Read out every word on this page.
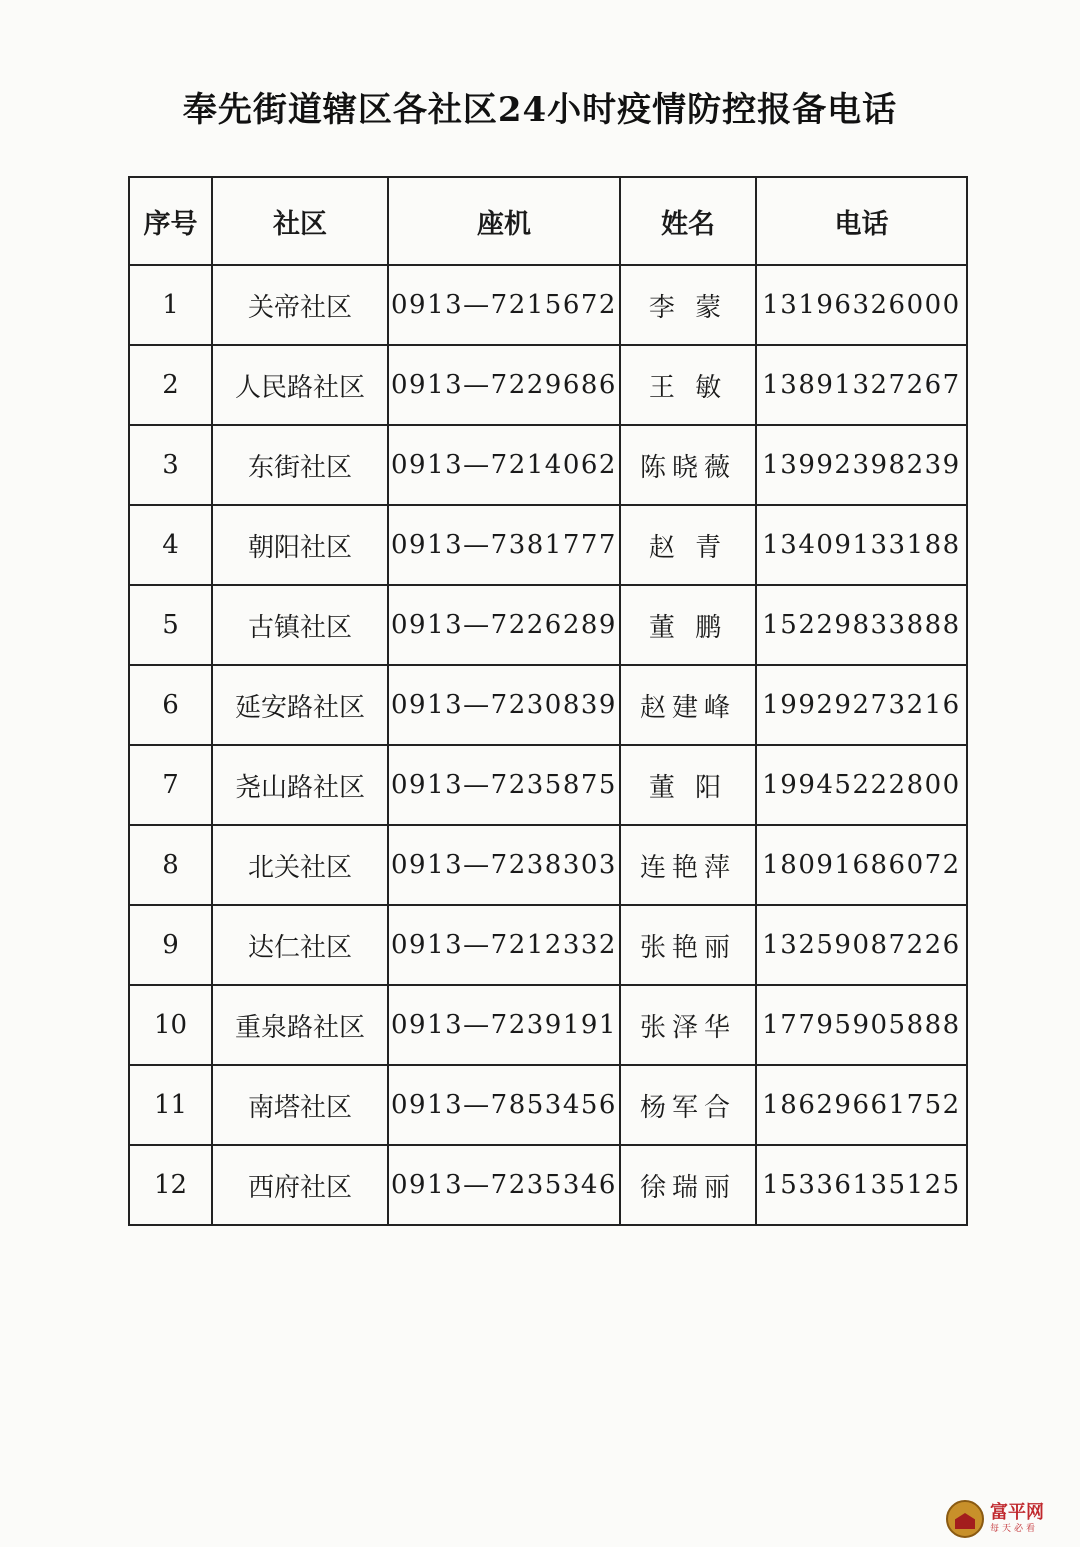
奉先街道辖区各社区24小时疫情防控报备电话
序号	社区	座机	姓名	电话
1	关帝社区	0913—7215672	李 蒙	13196326000
2	人民路社区	0913—7229686	王 敏	13891327267
3	东街社区	0913—7214062	陈晓薇	13992398239
4	朝阳社区	0913—7381777	赵 青	13409133188
5	古镇社区	0913—7226289	董 鹏	15229833888
6	延安路社区	0913—7230839	赵建峰	19929273216
7	尧山路社区	0913—7235875	董 阳	19945222800
8	北关社区	0913—7238303	连艳萍	18091686072
9	达仁社区	0913—7212332	张艳丽	13259087226
10	重泉路社区	0913—7239191	张泽华	17795905888
11	南塔社区	0913—7853456	杨军合	18629661752
12	西府社区	0913—7235346	徐瑞丽	15336135125
富平网
每天必看
